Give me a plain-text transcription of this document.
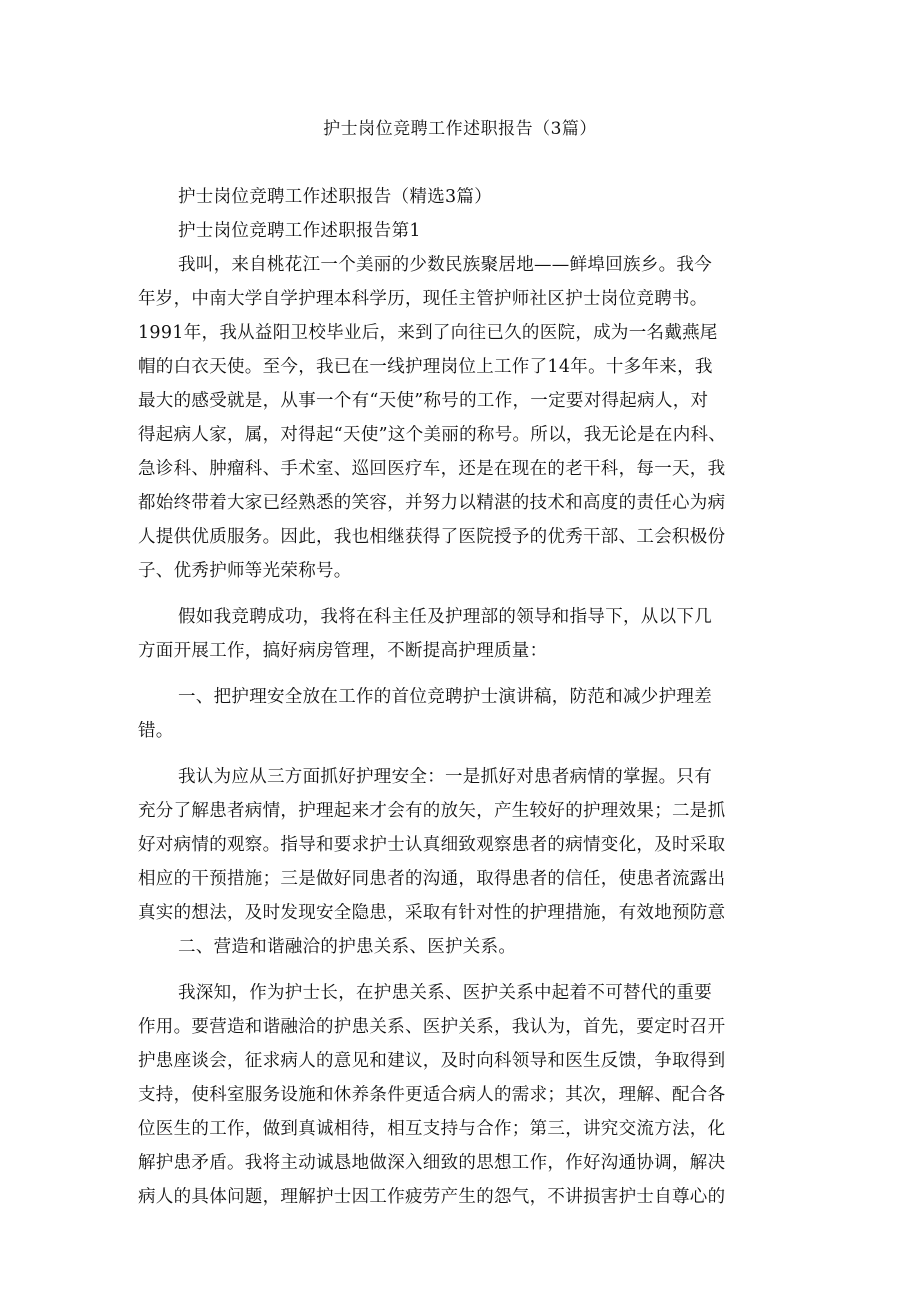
护士岗位竞聘工作述职报告（3篇）
护士岗位竞聘工作述职报告（精选3篇）
护士岗位竞聘工作述职报告第1
我叫，来自桃花江一个美丽的少数民族聚居地——鲜埠回族乡。我今
年岁，中南大学自学护理本科学历，现任主管护师社区护士岗位竞聘书。
1991年，我从益阳卫校毕业后，来到了向往已久的医院，成为一名戴燕尾
帽的白衣天使。至今，我已在一线护理岗位上工作了14年。十多年来，我
最大的感受就是，从事一个有“天使”称号的工作，一定要对得起病人，对
得起病人家，属，对得起“天使”这个美丽的称号。所以，我无论是在内科、
急诊科、肿瘤科、手术室、巡回医疗车，还是在现在的老干科，每一天，我
都始终带着大家已经熟悉的笑容，并努力以精湛的技术和高度的责任心为病
人提供优质服务。因此，我也相继获得了医院授予的优秀干部、工会积极份
子、优秀护师等光荣称号。
假如我竞聘成功，我将在科主任及护理部的领导和指导下，从以下几
方面开展工作，搞好病房管理，不断提高护理质量：
一、把护理安全放在工作的首位竞聘护士演讲稿，防范和减少护理差
错。
我认为应从三方面抓好护理安全：一是抓好对患者病情的掌握。只有
充分了解患者病情，护理起来才会有的放矢，产生较好的护理效果；二是抓
好对病情的观察。指导和要求护士认真细致观察患者的病情变化，及时采取
相应的干预措施；三是做好同患者的沟通，取得患者的信任，使患者流露出
真实的想法，及时发现安全隐患，采取有针对性的护理措施，有效地预防意
二、营造和谐融洽的护患关系、医护关系。
我深知，作为护士长，在护患关系、医护关系中起着不可替代的重要
作用。要营造和谐融洽的护患关系、医护关系，我认为，首先，要定时召开
护患座谈会，征求病人的意见和建议，及时向科领导和医生反馈，争取得到
支持，使科室服务设施和休养条件更适合病人的需求；其次，理解、配合各
位医生的工作，做到真诚相待，相互支持与合作；第三，讲究交流方法，化
解护患矛盾。我将主动诚恳地做深入细致的思想工作，作好沟通协调，解决
病人的具体问题，理解护士因工作疲劳产生的怨气，不讲损害护士自尊心的
